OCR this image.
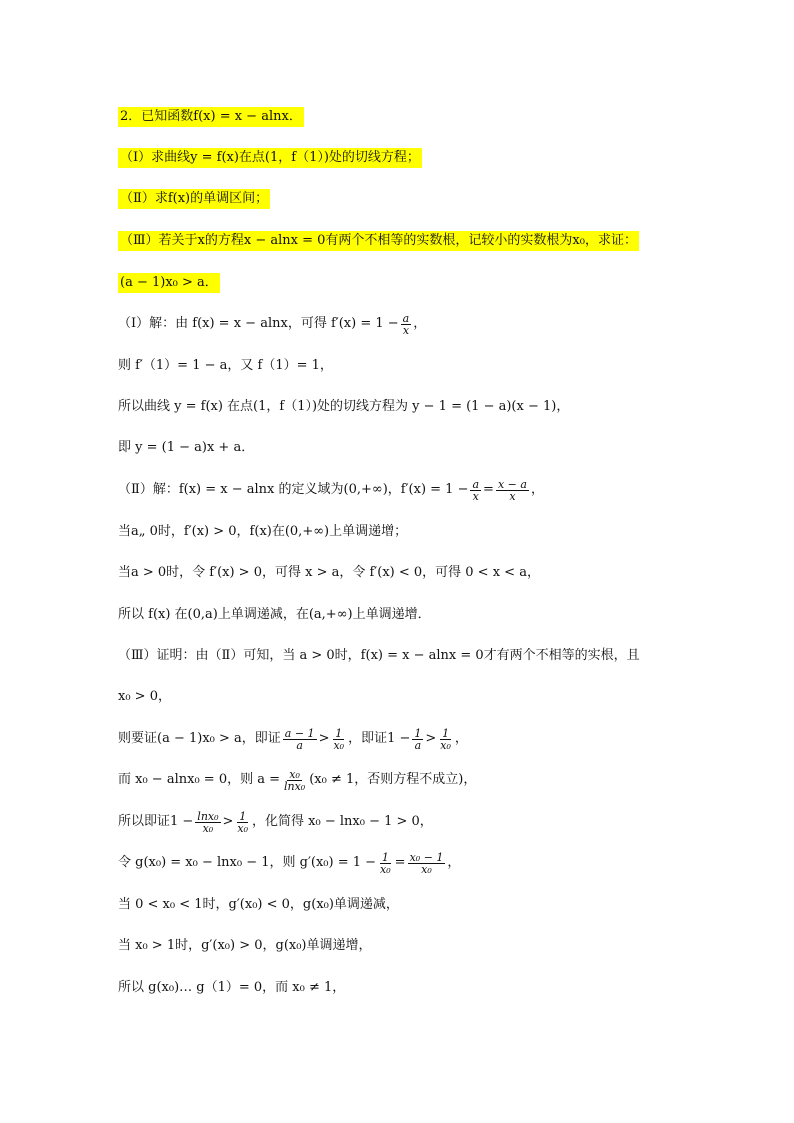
2．已知函数f(x) = x − alnx．
（Ⅰ）求曲线y = f(x)在点(1，f（1）)处的切线方程；
（Ⅱ）求f(x)的单调区间；
（Ⅲ）若关于x的方程x − alnx = 0有两个不相等的实数根，记较小的实数根为x₀，求证：
(a − 1)x₀ > a．
（Ⅰ）解：由 f(x) = x − alnx，可得 $f'(x) = 1 - \frac{a}{x}$ ，
则 f′（1）= 1 − a，又 f（1）= 1，
所以曲线 y = f(x) 在点(1，f（1）)处的切线方程为 y − 1 = (1 − a)(x − 1)，
即 y = (1 − a)x + a．
（Ⅱ）解：f(x) = x − alnx 的定义域为(0,+∞)，$f'(x) = 1 - \frac{a}{x} = \frac{x - a}{x}$ ，
当a„ 0时，f′(x) > 0，f(x)在(0,+∞)上单调递增；
当a > 0时，令 f′(x) > 0，可得 x > a，令 f′(x) < 0，可得 0 < x < a，
所以 f(x) 在(0,a)上单调递减，在(a,+∞)上单调递增．
（Ⅲ）证明：由（Ⅱ）可知，当 a > 0时，f(x) = x − alnx = 0才有两个不相等的实根，且
x₀ > 0，
则要证(a − 1)x₀ > a，即证 $\frac{a - 1}{a} > \frac{1}{\text{x₀}}$ ，即证$1 - \frac{1}{a} > \frac{1}{\text{x₀}}$ ，
而 x₀ − alnx₀ = 0，则 $a = \frac{\text{x₀}}{\text{lnx₀}} (x_0 \ne 1$，否则方程不成立)，
所以即证$1 - \frac{\text{lnx₀}}{\text{x₀}} > \frac{1}{\text{x₀}}$ ，化简得 x₀ − lnx₀ − 1 > 0，
令 g(x₀) = x₀ − lnx₀ − 1，则 $g'(x_0) = 1 - \frac{1}{\text{x₀}} = \frac{\text{x₀ − 1}}{\text{x₀}}$ ，
当 0 < x₀ < 1时，g′(x₀) < 0，g(x₀)单调递减，
当 x₀ > 1时，g′(x₀) > 0，g(x₀)单调递增，
所以 g(x₀)… g（1）= 0，而 x₀ ≠ 1，
